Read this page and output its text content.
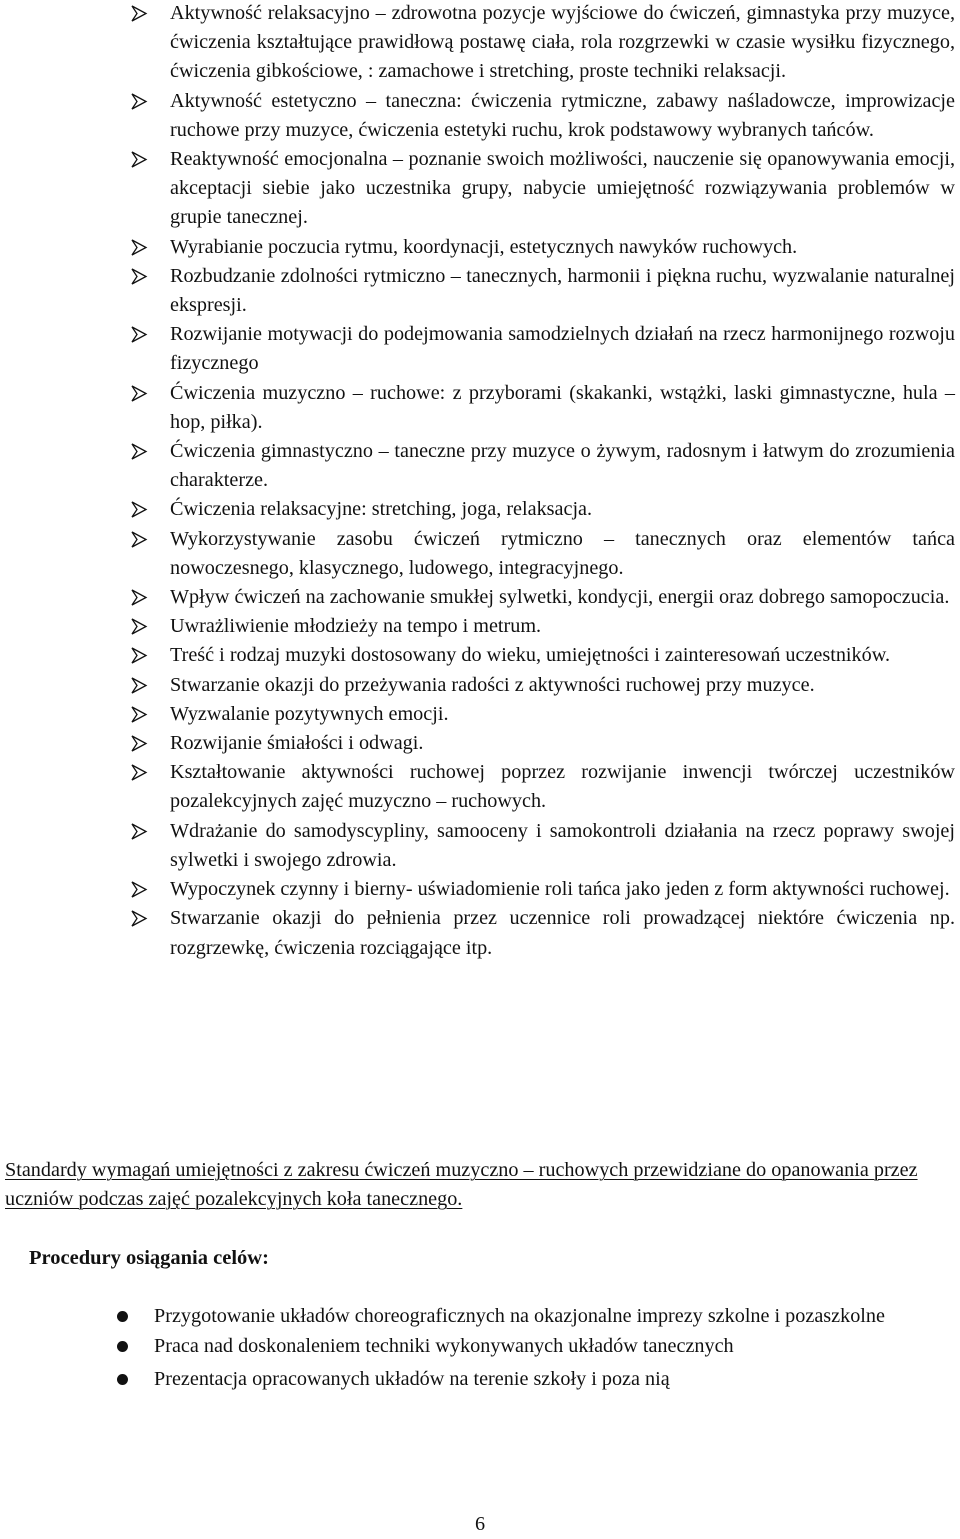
Aktywność relaksacyjno – zdrowotna pozycje wyjściowe do ćwiczeń, gimnastyka przy muzyce, ćwiczenia kształtujące prawidłową postawę ciała, rola rozgrzewki w czasie wysiłku fizycznego, ćwiczenia gibkościowe, : zamachowe i stretching, proste techniki relaksacji.
Aktywność estetyczno – taneczna: ćwiczenia rytmiczne, zabawy naśladowcze, improwizacje ruchowe przy muzyce, ćwiczenia estetyki ruchu, krok podstawowy wybranych tańców.
Reaktywność emocjonalna – poznanie swoich możliwości, nauczenie się opanowywania emocji, akceptacji siebie jako uczestnika grupy, nabycie umiejętność rozwiązywania problemów w grupie tanecznej.
Wyrabianie poczucia rytmu, koordynacji, estetycznych nawyków ruchowych.
Rozbudzanie zdolności rytmiczno – tanecznych, harmonii i piękna ruchu, wyzwalanie naturalnej ekspresji.
Rozwijanie motywacji do podejmowania samodzielnych działań na rzecz harmonijnego rozwoju fizycznego
Ćwiczenia muzyczno – ruchowe: z przyborami (skakanki, wstążki, laski gimnastyczne, hula – hop, piłka).
Ćwiczenia gimnastyczno – taneczne przy muzyce o żywym, radosnym i łatwym do zrozumienia charakterze.
Ćwiczenia relaksacyjne: stretching, joga, relaksacja.
Wykorzystywanie zasobu ćwiczeń rytmiczno – tanecznych oraz elementów tańca nowoczesnego, klasycznego, ludowego, integracyjnego.
Wpływ ćwiczeń na zachowanie smukłej sylwetki, kondycji, energii oraz dobrego samopoczucia.
Uwrażliwienie młodzieży na tempo i metrum.
Treść i rodzaj muzyki dostosowany do wieku, umiejętności i zainteresowań uczestników.
Stwarzanie okazji do przeżywania radości z aktywności ruchowej przy muzyce.
Wyzwalanie pozytywnych emocji.
Rozwijanie śmiałości i odwagi.
Kształtowanie aktywności ruchowej poprzez rozwijanie inwencji twórczej uczestników pozalekcyjnych zajęć muzyczno – ruchowych.
Wdrażanie do samodyscypliny, samooceny i samokontroli działania na rzecz poprawy swojej sylwetki i swojego zdrowia.
Wypoczynek czynny i bierny- uświadomienie roli tańca jako jeden z form aktywności ruchowej.
Stwarzanie okazji do pełnienia przez uczennice roli prowadzącej niektóre ćwiczenia np. rozgrzewkę, ćwiczenia rozciągające itp.

Standardy wymagań umiejętności z zakresu ćwiczeń muzyczno – ruchowych przewidziane do opanowania przez uczniów podczas zajęć pozalekcyjnych koła tanecznego.

Procedury osiągania celów:
Przygotowanie układów choreograficznych na okazjonalne imprezy szkolne i pozaszkolne
Praca nad doskonaleniem techniki wykonywanych układów tanecznych
Prezentacja opracowanych układów na terenie szkoły i poza nią
6
